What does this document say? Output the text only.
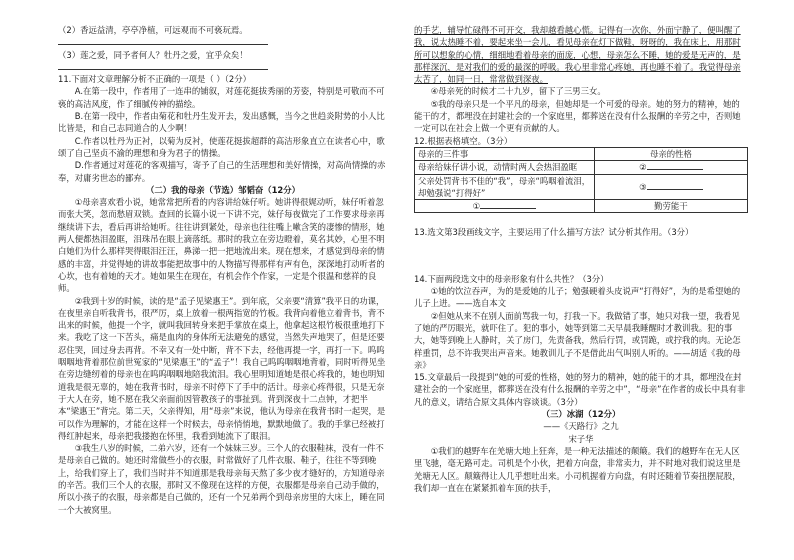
（2）香远益清，亭亭净植，可远观而不可亵玩焉。

（3）莲之爱，同予者何人？牡丹之爱，宜乎众矣！

11.下面对文章理解分析不正确的一项是（ ）（2分）

A.在第一段中，作者用了一连串的铺叙，对莲花挺拔秀丽的芳姿，特别是可敬而不可亵的高洁风度，作了细腻传神的描绘。

B.在第一段中，作者由菊花和牡丹生发开去，发出感慨，当今之世趋炎附势的小人比比皆是，和自己志同道合的人少啊！

C.作者以牡丹为正衬，以菊为反衬，使莲花挺拔超群的高洁形象直立在读者心中，歌颂了自己坚贞不渝的理想和身为君子的情操。

D.作者通过对莲花的客观描写，寄予了自己的生活理想和美好情操，对高尚情操的赤奉，对庸劣世态的鄙弃。

（二）我的母亲（节选）邹韬奋（12分）

①母亲喜欢看小说，她常常把所看的内容讲给妹仔听。她讲得很娓动听，妹仔听着忽而张大笑，忽而愁眉双锁。查回的长篇小说一下讲不完，妹仔每夜做完了工作要求母亲再继续讲下去，看后再讲给她听。往往讲到紧处，母亲也往往嘴上嗽含笑的凄惨的情形，她两人便都热泪盈眶，泪珠吊在眼上滴落纸。那时的我立在旁边瞪着，莫名其妙，心里不明白她们为什么那样哭得眼泪汪汪，鼻涕一把一把地流出来。现在想来，才感觉到母亲的情感的丰富，并觉得她的讲故事能把故事中的人物描写得那样有声有色，深深地打动听者的心坎，也有着她的天才。她如果生在现在，有机会作个作家，一定是个很温和慈祥的良师。

②我到十岁的时候，读的是“孟子见梁惠王”。到年底，父亲要“清算”我平日的功课，在夜里亲自听我背书，很严厉，桌上放着一根两指宽的竹板。我背向着他立着背书，背不出来的时候，他提一个字，就叫我回转身来把手掌放在桌上，他拿起这根竹板很重地打下来。我吃了这一下苦头，痛是血肉的身体所无法避免的感觉，当然失声地哭了，但是还要忍住哭，回过身去再背。不幸又有一处中断，背不下去，经他再提一字，再打一下。呜呜咽咽地背着那位前世冤家的“见梁惠王”的“孟子”！我自己呜呜咽咽地背着，同时听得见坐在旁边缝纫着的母亲也在呜呜咽咽地陪我流泪。我心里明知道她是很心疼我的，她也明知道我是很无辜的，她在我背书时，母亲不时停下了手中的活计。母亲心疼得很，只是无奈于大人在旁，她不愿在我父亲面前因管教孩子的事扯到。背到深夜十二点钟，才把半本“梁惠王”背完。第二天，父亲得知，用“母亲”来说，他认为母亲在我背书时一起哭，是可以作为理解的，才能在这样一个时候去，母亲悄悄地，默默地做了。我的手掌已经被打得红肿起来，母亲把我搂抱在怀里，我看到她流下了眼泪。

③我生八岁的时候，二弟六岁，还有一个妹妹三岁。三个人的衣服鞋袜，没有一件不是母亲自己做的。她还时常做些小的衣服，时常做好了几件衣服、鞋子，往往不等到晚上，给我们穿上了，我们当时并不知道那是我母亲每天熬了多少夜才缝好的，方知道母亲的辛苦。我们三个人的衣服，那时又不像现在这样的方便，衣服都是母亲自己动手做的，所以小孩子的衣服，母亲都是自己做的，还有一个兄弟两个到母亲房里的大床上，睡在同一个大被窝里。

的手艺，辅导忙碌得不可开交，我却越看越心慌。记得有一次你，外面宁静了，便叫醒了我，说太热睡不着，要起来坐一会儿，看见母亲在灯下做鞋，呀呀的，我在床上，用那时所可以想象的心情，细细地看着母亲的面庞，心想，母亲怎么不睡，她的爱是无声的，是那样深沉，是对我们的爱的最深的呼吸。我心里非常心疼她，再也睡不着了。我觉得母亲太苦了，如同一日，常常做到深夜。

④母亲死的时候才二十九岁，留下了三男三女。

⑤我的母亲只是一个平凡的母亲，但她却是一个可爱的母亲。她的努力的精神，她的能干的才，都埋没在封建社会的一个家庭里，都葬送在没有什么报酬的辛劳之中，否则她一定可以在社会上做一个更有贡献的人。

12.根据表格填空。（3分）

母亲的三件事	母亲的性格
母亲给妹仔讲小说，动情时两人会热泪盈眶	②
父亲处罚背书不佳的“我”，母亲“呜咽着流泪，却勉强说“打得好”	③
①	勤劳能干

13.选文第3段画线文字，主要运用了什么描写方法？试分析其作用。（3分）

14.下面两段选文中的母亲形象有什么共性？（3分）

①她的饮泣吞声，为的是爱她的儿子；勉强硬着头皮说声“打得好”，为的是希望她的儿子上进。——选自本文

②但她从来不在别人面前骂我一句，打我一下。我做错了事，她只对我一望，我看见了她的严厉眼光，就吓住了。犯的事小，她等到第二天早晨我睡醒时才教训我。犯的事大，她等到晚上人静时，关了房门，先责备我，然后行罚，或罚跪，或拧我的肉。无论怎样重罚，总不许我哭出声音来。她教训儿子不是借此出气叫别人听的。——胡适《我的母亲》

15.文章最后一段提到“她的可爱的性格，她的努力的精神，她的能干的才具，都埋没在封建社会的一个家庭里，都葬送在没有什么报酬的辛劳之中”，“母亲”在作者的成长中具有非凡的意义，请结合原文具体内容谈谈。（3分）

（三）冰湖（12分）

——《天路行》之九

宋子华

①我们的越野车在羌塘大地上狂奔，是一种无法描述的颠簸。我们的越野车在无人区里飞驰，毫无路可走。司机是个小伙，把着方向盘，非常卖力，并不时地对我们说这里是羌塘无人区。颠簸得让人几乎想吐出来。小司机握着方向盘，有时还随着节奏扭摆屁股，我们却一直在在紧紧抓着车顶的扶手，
